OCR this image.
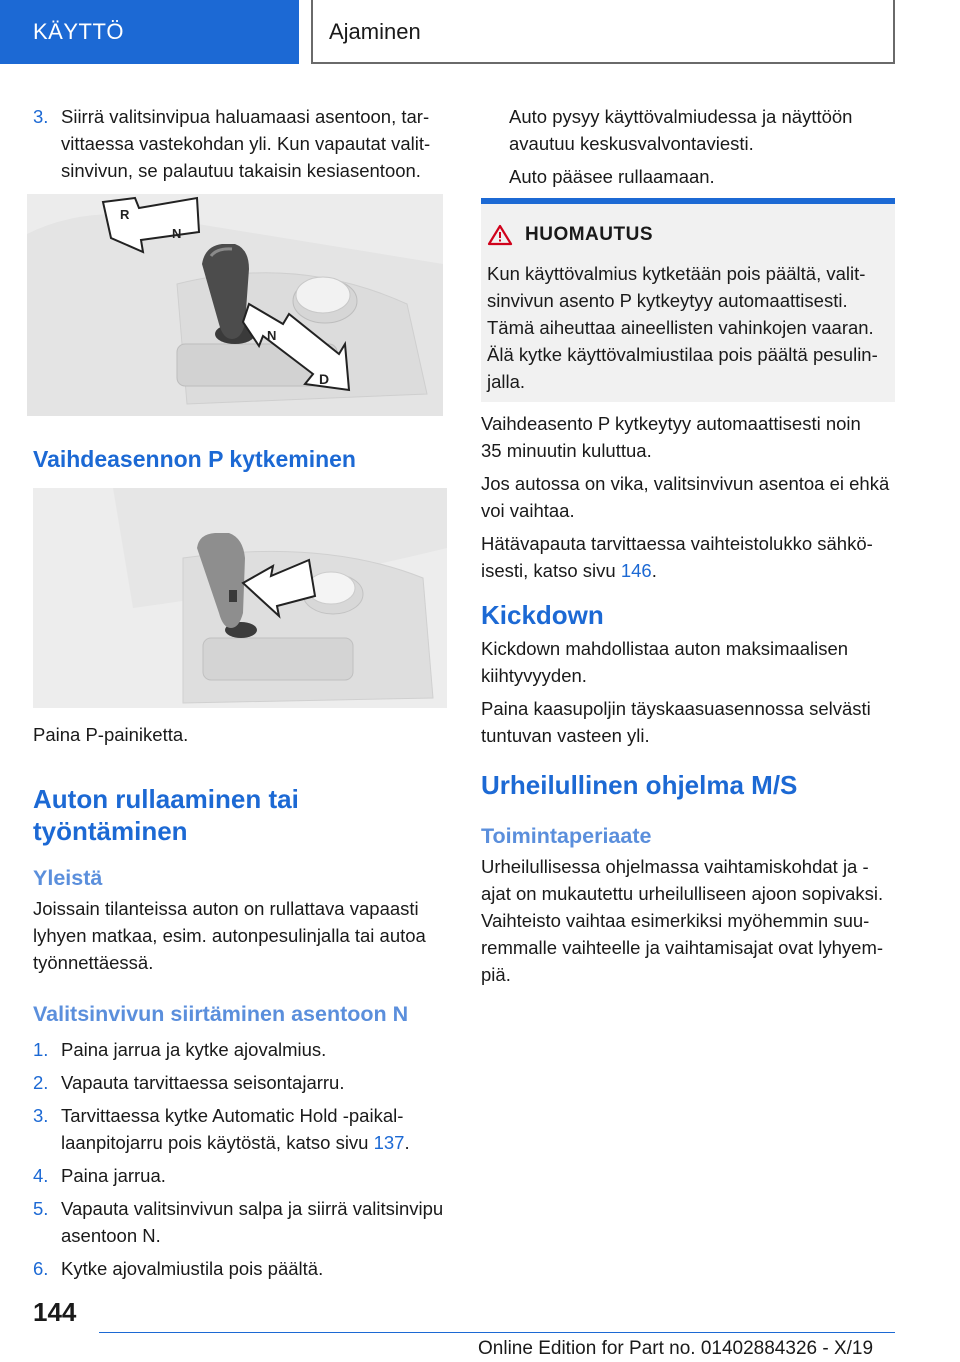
KÄYTTÖ	Ajaminen
3. Siirrä valitsinvipua haluamaasi asentoon, tar-

vittaessa vastekohdan yli. Kun vapautat valit-

sinvivun, se palautuu takaisin kesiasentoon.

R
N
N
D
Vaihdeasennon P kytkeminen
Paina P-painiketta.

Auton rullaaminen tai

työntäminen

Yleistä

Joissain tilanteissa auton on rullattava vapaasti

lyhyen matkaa, esim. autonpesulinjalla tai autoa

työnnettäessä.

Valitsinvivun siirtäminen asentoon N
1. Paina jarrua ja kytke ajovalmius.

2. Vapauta tarvittaessa seisontajarru.

3. Tarvittaessa kytke Automatic Hold -paikal-

laanpitojarru pois käytöstä, katso sivu 137.

4. Paina jarrua.

5. Vapauta valitsinvivun salpa ja siirrä valitsinvipu

asentoon N.

6. Kytke ajovalmiustila pois päältä.

Auto pysyy käyttövalmiudessa ja näyttöön

avautuu keskusvalvontaviesti.

Auto pääsee rullaamaan.

HUOMAUTUS

Kun käyttövalmius kytketään pois päältä, valit-

sinvivun asento P kytkeytyy automaattisesti.

Tämä aiheuttaa aineellisten vahinkojen vaaran.

Älä kytke käyttövalmiustilaa pois päältä pesulin-

jalla.

Vaihdeasento P kytkeytyy automaattisesti noin

35 minuutin kuluttua.

Jos autossa on vika, valitsinvivun asentoa ei ehkä

voi vaihtaa.

Hätävapauta tarvittaessa vaihteistolukko sähkö-

isesti, katso sivu 146.

Kickdown

Kickdown mahdollistaa auton maksimaalisen

kiihtyvyyden.

Paina kaasupoljin täyskaasuasennossa selvästi

tuntuvan vasteen yli.

Urheilullinen ohjelma M/S
Toimintaperiaate

Urheilullisessa ohjelmassa vaihtamiskohdat ja -

ajat on mukautettu urheilulliseen ajoon sopivaksi.

Vaihteisto vaihtaa esimerkiksi myöhemmin suu-

remmalle vaihteelle ja vaihtamisajat ovat lyhyem-

piä.

144
Online Edition for Part no. 01402884326 - X/19
